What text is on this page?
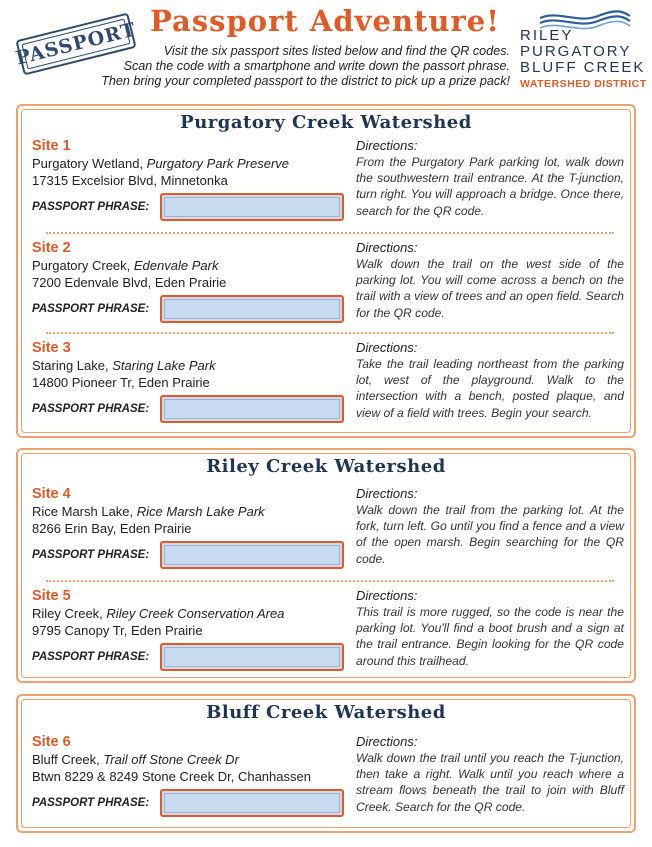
PASSPORT Passport Adventure!
Visit the six passport sites listed below and find the QR codes.
Scan the code with a smartphone and write down the passort phrase.
Then bring your completed passport to the district to pick up a prize pack!
RILEY
PURGATORY
BLUFF CREEK
WATERSHED DISTRICT
Purgatory Creek Watershed
Site 1
Purgatory Wetland, Purgatory Park Preserve
17315 Excelsior Blvd, Minnetonka
PASSPORT PHRASE:
Directions:
From the Purgatory Park parking lot, walk down the southwestern trail entrance. At the T-junction, turn right. You will approach a bridge. Once there, search for the QR code.
Site 2
Purgatory Creek, Edenvale Park
7200 Edenvale Blvd, Eden Prairie
PASSPORT PHRASE:
Directions:
Walk down the trail on the west side of the parking lot. You will come across a bench on the trail with a view of trees and an open field. Search for the QR code.
Site 3
Staring Lake, Staring Lake Park
14800 Pioneer Tr, Eden Prairie
PASSPORT PHRASE:
Directions:
Take the trail leading northeast from the parking lot, west of the playground. Walk to the intersection with a bench, posted plaque, and view of a field with trees. Begin your search.
Riley Creek Watershed
Site 4
Rice Marsh Lake, Rice Marsh Lake Park
8266 Erin Bay, Eden Prairie
PASSPORT PHRASE:
Directions:
Walk down the trail from the parking lot. At the fork, turn left. Go until you find a fence and a view of the open marsh. Begin searching for the QR code.
Site 5
Riley Creek, Riley Creek Conservation Area
9795 Canopy Tr, Eden Prairie
PASSPORT PHRASE:
Directions:
This trail is more rugged, so the code is near the parking lot. You'll find a boot brush and a sign at the trail entrance. Begin looking for the QR code around this trailhead.
Bluff Creek Watershed
Site 6
Bluff Creek, Trail off Stone Creek Dr
Btwn 8229 & 8249 Stone Creek Dr, Chanhassen
PASSPORT PHRASE:
Directions:
Walk down the trail until you reach the T-junction, then take a right. Walk until you reach where a stream flows beneath the trail to join with Bluff Creek. Search for the QR code.
